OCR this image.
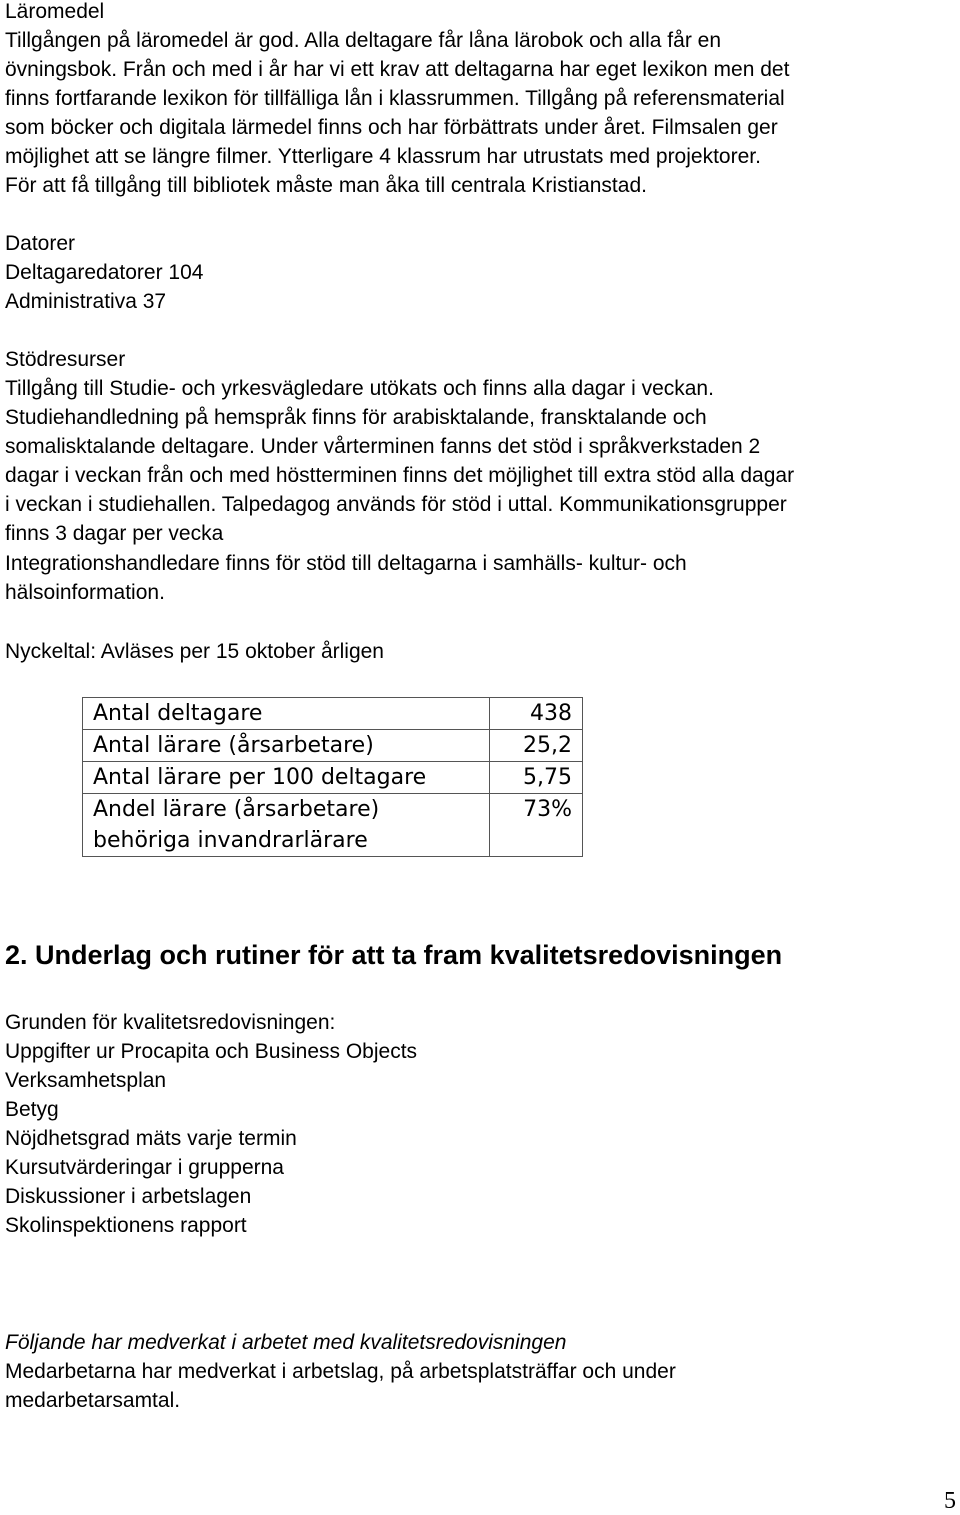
Läromedel
Tillgången på läromedel är god. Alla deltagare får låna lärobok och alla får en
övningsbok. Från och med i år har vi ett krav att deltagarna har eget lexikon men det
finns fortfarande lexikon för tillfälliga lån i klassrummen. Tillgång på referensmaterial
som böcker och digitala lärmedel finns och har förbättrats under året. Filmsalen ger
möjlighet att se längre filmer. Ytterligare 4 klassrum har utrustats med projektorer.
För att få tillgång till bibliotek måste man åka till centrala Kristianstad.
Datorer
Deltagaredatorer 104
Administrativa 37
Stödresurser
Tillgång till Studie- och yrkesvägledare utökats och finns alla dagar i veckan.
Studiehandledning på hemspråk finns för arabisktalande, fransktalande och
somalisktalande deltagare. Under vårterminen fanns det stöd i språkverkstaden 2
dagar i veckan från och med höstterminen finns det möjlighet till extra stöd alla dagar
i veckan i studiehallen. Talpedagog används för stöd i uttal. Kommunikationsgrupper
finns 3 dagar per vecka
Integrationshandledare finns för stöd till deltagarna i samhälls- kultur- och
hälsoinformation.
Nyckeltal: Avläses per 15 oktober årligen
Antal deltagare	438
Antal lärare (årsarbetare)	25,2
Antal lärare per 100 deltagare	5,75
Andel lärare (årsarbetare) behöriga invandrarlärare	73%
2. Underlag och rutiner för att ta fram kvalitetsredovisningen
Grunden för kvalitetsredovisningen:
Uppgifter ur Procapita och Business Objects
Verksamhetsplan
Betyg
Nöjdhetsgrad mäts varje termin
Kursutvärderingar i grupperna
Diskussioner i arbetslagen
Skolinspektionens rapport
Följande har medverkat i arbetet med kvalitetsredovisningen
Medarbetarna har medverkat i arbetslag, på arbetsplatsträffar och under
medarbetarsamtal.
5
